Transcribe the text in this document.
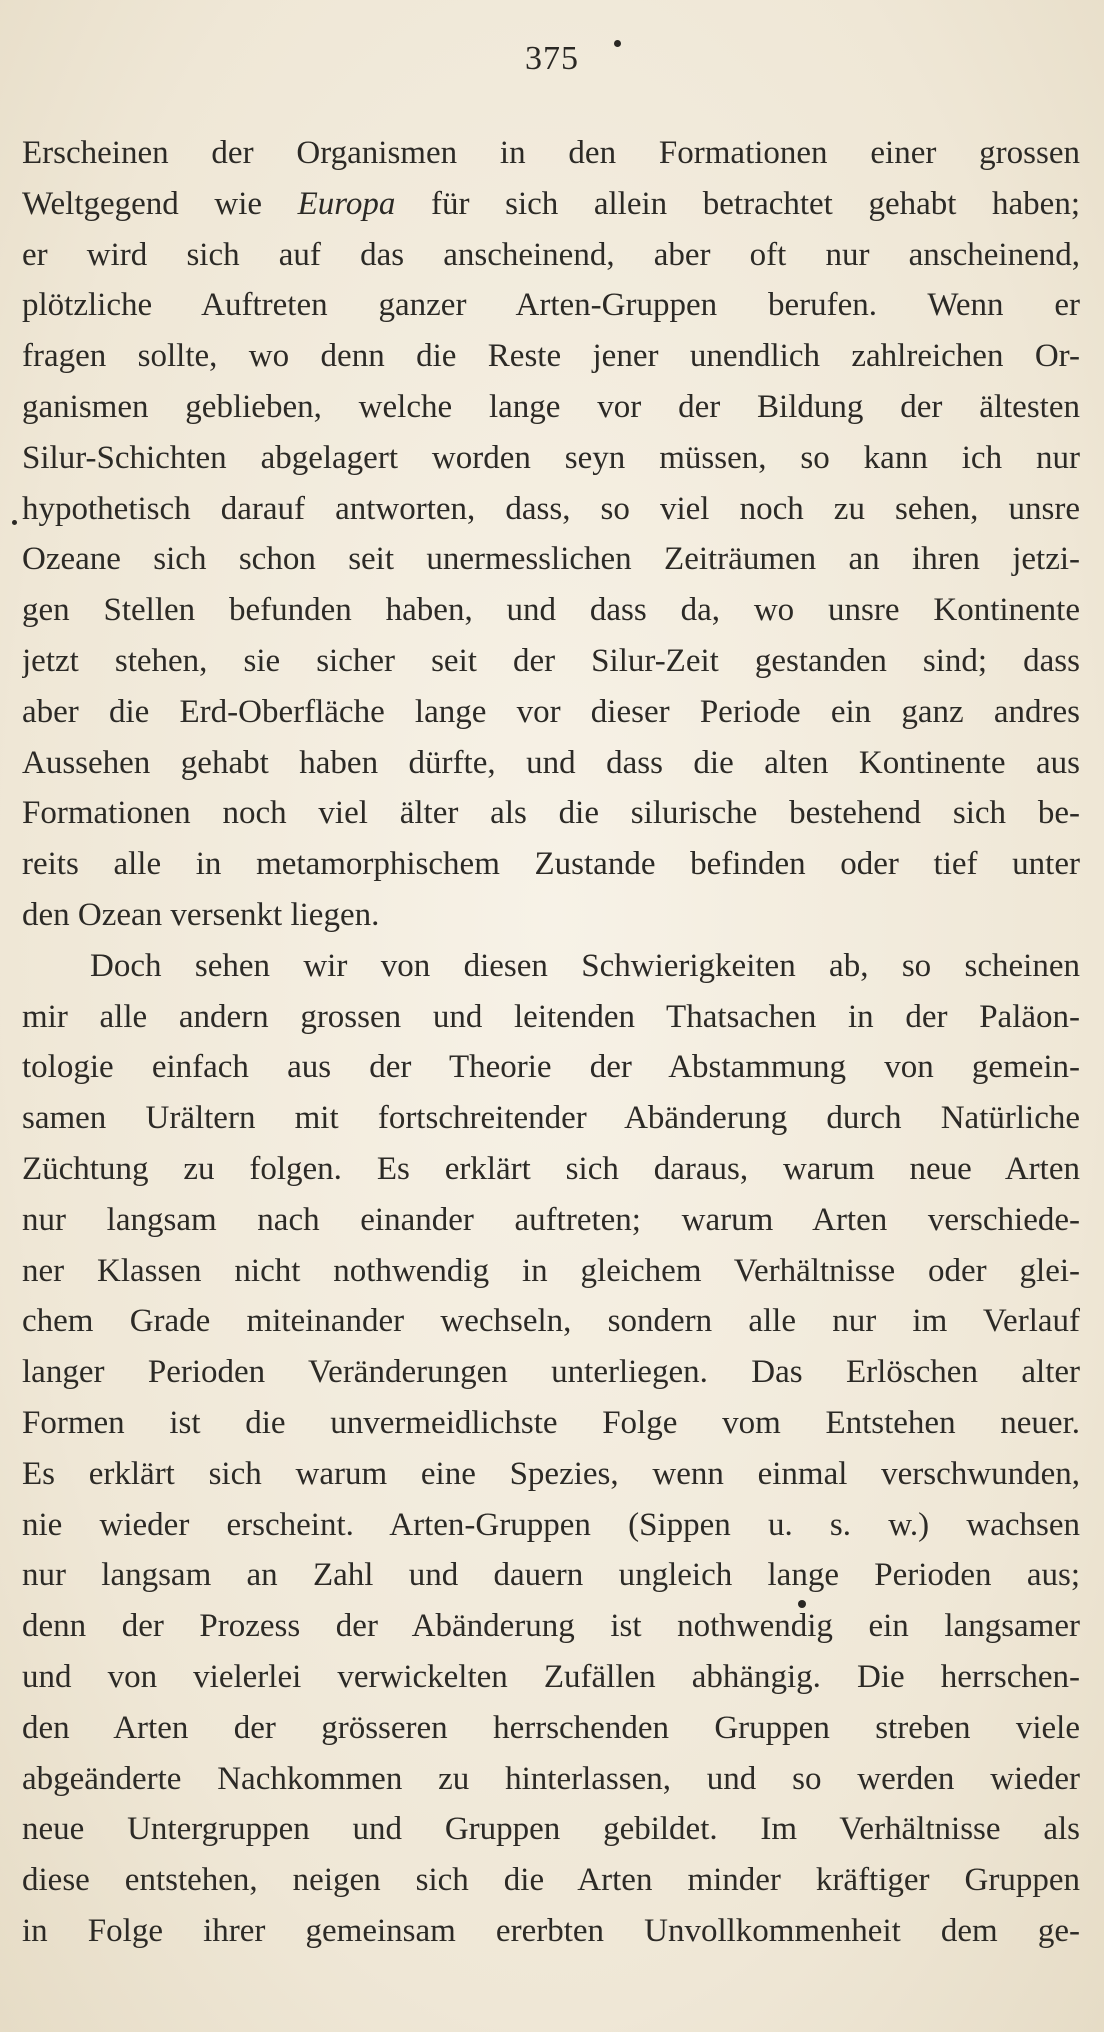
375
Erscheinen der Organismen in den Formationen einer grossen
Weltgegend wie Europa für sich allein betrachtet gehabt haben;
er wird sich auf das anscheinend, aber oft nur anscheinend,
plötzliche Auftreten ganzer Arten-Gruppen berufen. Wenn er
fragen sollte, wo denn die Reste jener unendlich zahlreichen Or-
ganismen geblieben, welche lange vor der Bildung der ältesten
Silur-Schichten abgelagert worden seyn müssen, so kann ich nur
hypothetisch darauf antworten, dass, so viel noch zu sehen, unsre
Ozeane sich schon seit unermesslichen Zeiträumen an ihren jetzi-
gen Stellen befunden haben, und dass da, wo unsre Kontinente
jetzt stehen, sie sicher seit der Silur-Zeit gestanden sind; dass
aber die Erd-Oberfläche lange vor dieser Periode ein ganz andres
Aussehen gehabt haben dürfte, und dass die alten Kontinente aus
Formationen noch viel älter als die silurische bestehend sich be-
reits alle in metamorphischem Zustande befinden oder tief unter
den Ozean versenkt liegen.
Doch sehen wir von diesen Schwierigkeiten ab, so scheinen
mir alle andern grossen und leitenden Thatsachen in der Paläon-
tologie einfach aus der Theorie der Abstammung von gemein-
samen Urältern mit fortschreitender Abänderung durch Natürliche
Züchtung zu folgen. Es erklärt sich daraus, warum neue Arten
nur langsam nach einander auftreten; warum Arten verschiede-
ner Klassen nicht nothwendig in gleichem Verhältnisse oder glei-
chem Grade miteinander wechseln, sondern alle nur im Verlauf
langer Perioden Veränderungen unterliegen. Das Erlöschen alter
Formen ist die unvermeidlichste Folge vom Entstehen neuer.
Es erklärt sich warum eine Spezies, wenn einmal verschwunden,
nie wieder erscheint. Arten-Gruppen (Sippen u. s. w.) wachsen
nur langsam an Zahl und dauern ungleich lange Perioden aus;
denn der Prozess der Abänderung ist nothwendig ein langsamer
und von vielerlei verwickelten Zufällen abhängig. Die herrschen-
den Arten der grösseren herrschenden Gruppen streben viele
abgeänderte Nachkommen zu hinterlassen, und so werden wieder
neue Untergruppen und Gruppen gebildet. Im Verhältnisse als
diese entstehen, neigen sich die Arten minder kräftiger Gruppen
in Folge ihrer gemeinsam ererbten Unvollkommenheit dem ge-
